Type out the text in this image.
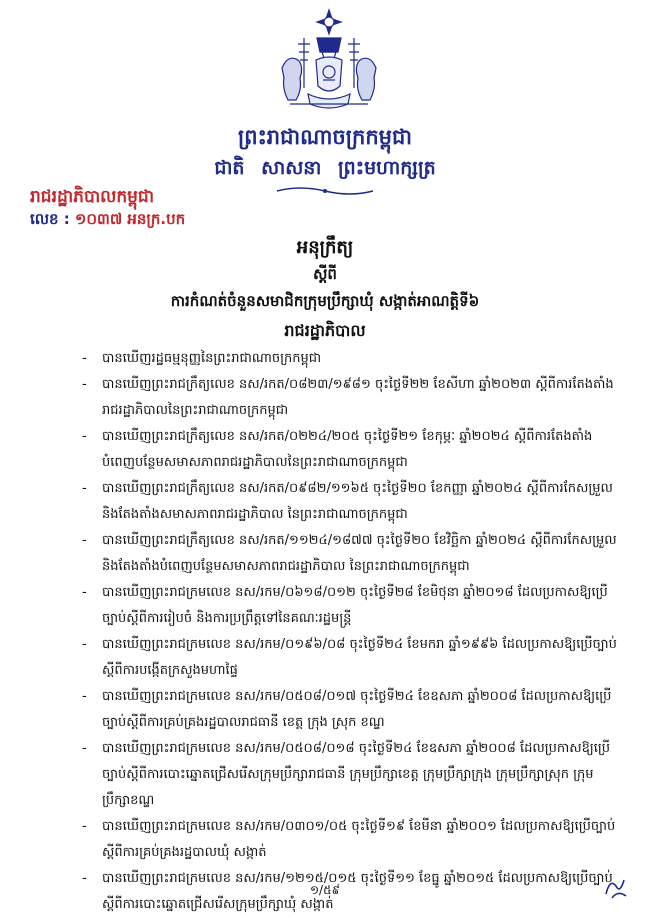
ព្រះរាជាណាចក្រកម្ពុជា
ជាតិ សាសនា ព្រះមហាក្សត្រ
រាជរដ្ឋាភិបាលកម្ពុជា
លេខ : ១០៣៧ អនក្រ.បក
អនុក្រឹត្យ
ស្តីពី
ការកំណត់ចំនួនសមាជិកក្រុមប្រឹក្សាឃុំ សង្កាត់អាណត្តិទី៦
រាជរដ្ឋាភិបាល
- បានឃើញរដ្ឋធម្មនុញ្ញនៃព្រះរាជាណាចក្រកម្ពុជា
- បានឃើញព្រះរាជក្រឹត្យលេខ នស/រកត/០៨២៣/១៩៨១ ចុះថ្ងៃទី២២ ខែសីហា ឆ្នាំ២០២៣ ស្តីពីការតែងតាំងរាជរដ្ឋាភិបាលនៃព្រះរាជាណាចក្រកម្ពុជា
- បានឃើញព្រះរាជក្រឹត្យលេខ នស/រកត/០២២៤/២០៥ ចុះថ្ងៃទី២១ ខែកុម្ភៈ ឆ្នាំ២០២៤ ស្តីពីការតែងតាំងបំពេញបន្ថែមសមាសភាពរាជរដ្ឋាភិបាលនៃព្រះរាជាណាចក្រកម្ពុជា
- បានឃើញព្រះរាជក្រឹត្យលេខ នស/រកត/០៩៨២/១១៦៥ ចុះថ្ងៃទី២០ ខែកញ្ញា ឆ្នាំ២០២៤ ស្តីពីការកែសម្រួលនិងតែងតាំងសមាសភាពរាជរដ្ឋាភិបាល នៃព្រះរាជាណាចក្រកម្ពុជា
- បានឃើញព្រះរាជក្រឹត្យលេខ នស/រកត/១១២៤/១៨៧៧ ចុះថ្ងៃទី២០ ខែវិច្ឆិកា ឆ្នាំ២០២៤ ស្តីពីការកែសម្រួលនិងតែងតាំងបំពេញបន្ថែមសមាសភាពរាជរដ្ឋាភិបាល នៃព្រះរាជាណាចក្រកម្ពុជា
- បានឃើញព្រះរាជក្រមលេខ នស/រកម/០៦១៨/០១២ ចុះថ្ងៃទី២៨ ខែមិថុនា ឆ្នាំ២០១៨ ដែលប្រកាសឱ្យប្រើច្បាប់ស្តីពីការរៀបចំ និងការប្រព្រឹត្តទៅនៃគណៈរដ្ឋមន្ត្រី
- បានឃើញព្រះរាជក្រមលេខ នស/រកម/០១៩៦/០៨ ចុះថ្ងៃទី២៤ ខែមករា ឆ្នាំ១៩៩៦ ដែលប្រកាសឱ្យប្រើច្បាប់ស្តីពីការបង្កើតក្រសួងមហាផ្ទៃ
- បានឃើញព្រះរាជក្រមលេខ នស/រកម/០៥០៨/០១៧ ចុះថ្ងៃទី២៤ ខែឧសភា ឆ្នាំ២០០៨ ដែលប្រកាសឱ្យប្រើច្បាប់ស្តីពីការគ្រប់គ្រងរដ្ឋបាលរាជធានី ខេត្ត ក្រុង ស្រុក ខណ្ឌ
- បានឃើញព្រះរាជក្រមលេខ នស/រកម/០៥០៨/០១៨ ចុះថ្ងៃទី២៤ ខែឧសភា ឆ្នាំ២០០៨ ដែលប្រកាសឱ្យប្រើច្បាប់ស្តីពីការបោះឆ្នោតជ្រើសរើសក្រុមប្រឹក្សារាជធានី ក្រុមប្រឹក្សាខេត្ត ក្រុមប្រឹក្សាក្រុង ក្រុមប្រឹក្សាស្រុក ក្រុមប្រឹក្សាខណ្ឌ
- បានឃើញព្រះរាជក្រមលេខ នស/រកម/០៣០១/០៥ ចុះថ្ងៃទី១៩ ខែមីនា ឆ្នាំ២០០១ ដែលប្រកាសឱ្យប្រើច្បាប់ស្តីពីការគ្រប់គ្រងរដ្ឋបាលឃុំ សង្កាត់
- បានឃើញព្រះរាជក្រមលេខ នស/រកម/១២១៥/០១៥ ចុះថ្ងៃទី១១ ខែធ្នូ ឆ្នាំ២០១៥ ដែលប្រកាសឱ្យប្រើច្បាប់ស្តីពីការបោះឆ្នោតជ្រើសរើសក្រុមប្រឹក្សាឃុំ សង្កាត់
១/៥៩
